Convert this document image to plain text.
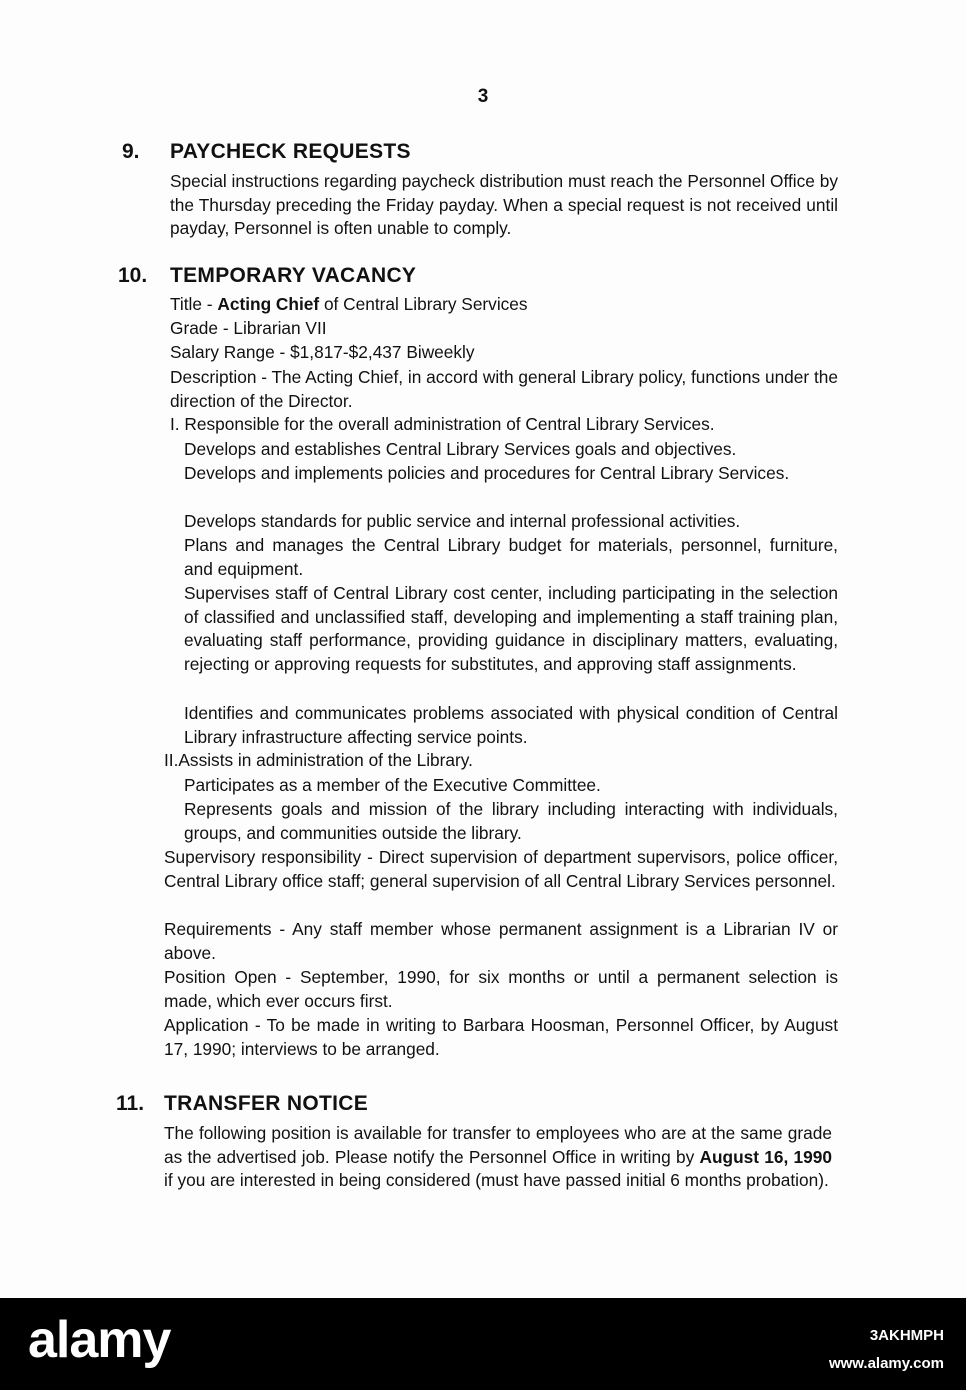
3
9. PAYCHECK REQUESTS

Special instructions regarding paycheck distribution must reach the Personnel Office by the Thursday preceding the Friday payday. When a special request is not received until payday, Personnel is often unable to comply.

10. TEMPORARY VACANCY

Title - Acting Chief of Central Library Services

Grade - Librarian VII

Salary Range - $1,817-$2,437 Biweekly

Description - The Acting Chief, in accord with general Library policy, functions under the direction of the Director.

I. Responsible for the overall administration of Central Library Services.

Develops and establishes Central Library Services goals and objectives.

Develops and implements policies and procedures for Central Library Services.

Develops standards for public service and internal professional activities.

Plans and manages the Central Library budget for materials, personnel, furniture, and equipment.

Supervises staff of Central Library cost center, including participating in the selection of classified and unclassified staff, developing and implementing a staff training plan, evaluating staff performance, providing guidance in disciplinary matters, evaluating, rejecting or approving requests for substitutes, and approving staff assignments.

Identifies and communicates problems associated with physical condition of Central Library infrastructure affecting service points.

II.Assists in administration of the Library.

Participates as a member of the Executive Committee.

Represents goals and mission of the library including interacting with individuals, groups, and communities outside the library.

Supervisory responsibility - Direct supervision of department supervisors, police officer, Central Library office staff; general supervision of all Central Library Services personnel.

Requirements - Any staff member whose permanent assignment is a Librarian IV or above.

Position Open - September, 1990, for six months or until a permanent selection is made, which ever occurs first.

Application - To be made in writing to Barbara Hoosman, Personnel Officer, by August 17, 1990; interviews to be arranged.

11. TRANSFER NOTICE

The following position is available for transfer to employees who are at the same grade as the advertised job. Please notify the Personnel Office in writing by August 16, 1990 if you are interested in being considered (must have passed initial 6 months probation).

alamy	3AKHMPH
www.alamy.com
